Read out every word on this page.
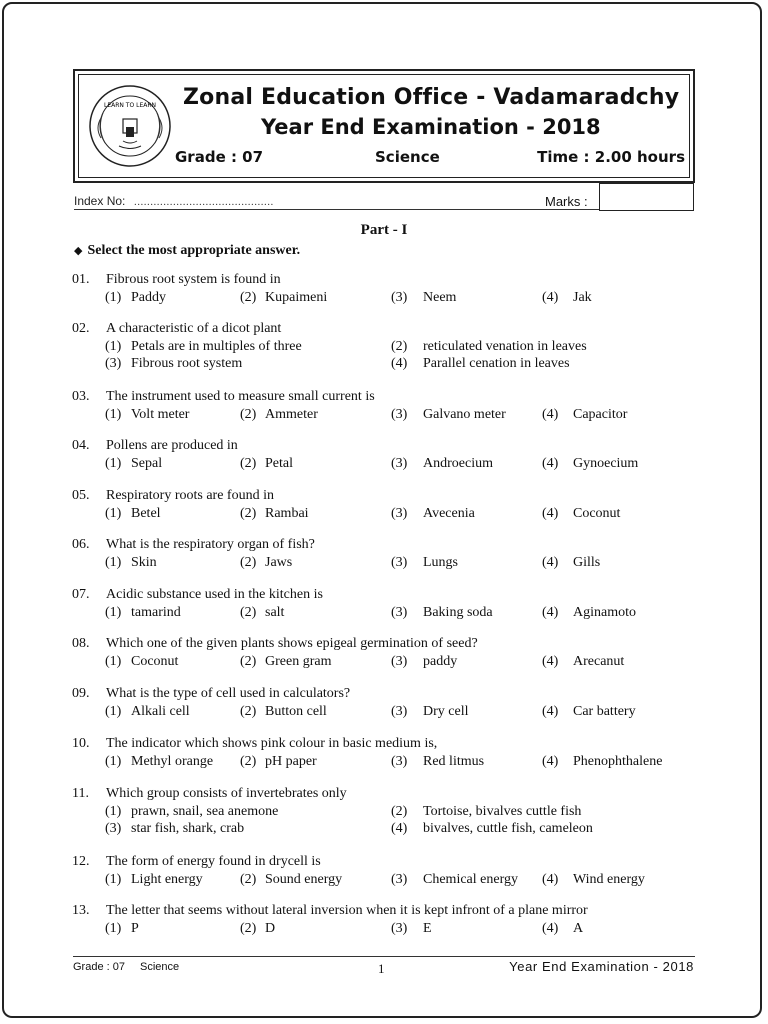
LEARN TO LEARN Zonal Education Office - Vadamaradchy
Year End Examination - 2018
Grade : 07	Science	Time : 2.00 hours
Index No: ...........................................	Marks :
Part - I
◆ Select the most appropriate answer.
01. Fibrous root system is found in
(1) Paddy	(2) Kupaimeni	(3) Neem	(4) Jak
02. A characteristic of a dicot plant
(1) Petals are in multiples of three	(2) reticulated venation in leaves
(3) Fibrous root system	(4) Parallel cenation in leaves
03. The instrument used to measure small current is
(1) Volt meter	(2) Ammeter	(3) Galvano meter	(4) Capacitor
04. Pollens are produced in
(1) Sepal	(2) Petal	(3) Androecium	(4) Gynoecium
05. Respiratory roots are found in
(1) Betel	(2) Rambai	(3) Avecenia	(4) Coconut
06. What is the respiratory organ of fish?
(1) Skin	(2) Jaws	(3) Lungs	(4) Gills
07. Acidic substance used in the kitchen is
(1) tamarind	(2) salt	(3) Baking soda	(4) Aginamoto
08. Which one of the given plants shows epigeal germination of seed?
(1) Coconut	(2) Green gram	(3) paddy	(4) Arecanut
09. What is the type of cell used in calculators?
(1) Alkali cell	(2) Button cell	(3) Dry cell	(4) Car battery
10. The indicator which shows pink colour in basic medium is,
(1) Methyl orange (2) pH paper	(3) Red litmus	(4) Phenophthalene
11. Which group consists of invertebrates only
(1) prawn, snail, sea anemone	(2) Tortoise, bivalves cuttle fish
(3) star fish, shark, crab	(4) bivalves, cuttle fish, cameleon
12. The form of energy found in drycell is
(1) Light energy	(2) Sound energy	(3) Chemical energy (4) Wind energy
13. The letter that seems without lateral inversion when it is kept infront of a plane mirror
(1) P	(2) D	(3) E	(4) A
Grade : 07 Science	1	Year End Examination - 2018
